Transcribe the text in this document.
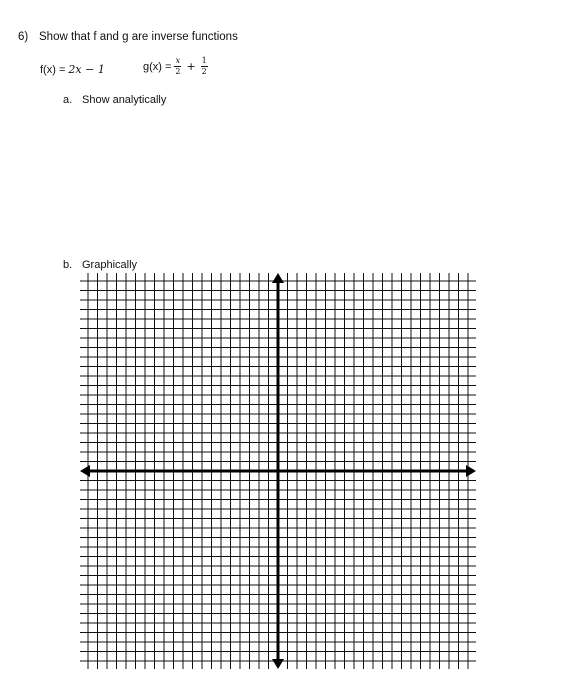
6) Show that f and g are inverse functions
f(x) = 2x − 1	$g(x) = \frac{x}{2} + \frac{1}{2}$
a. Show analytically
b. Graphically
